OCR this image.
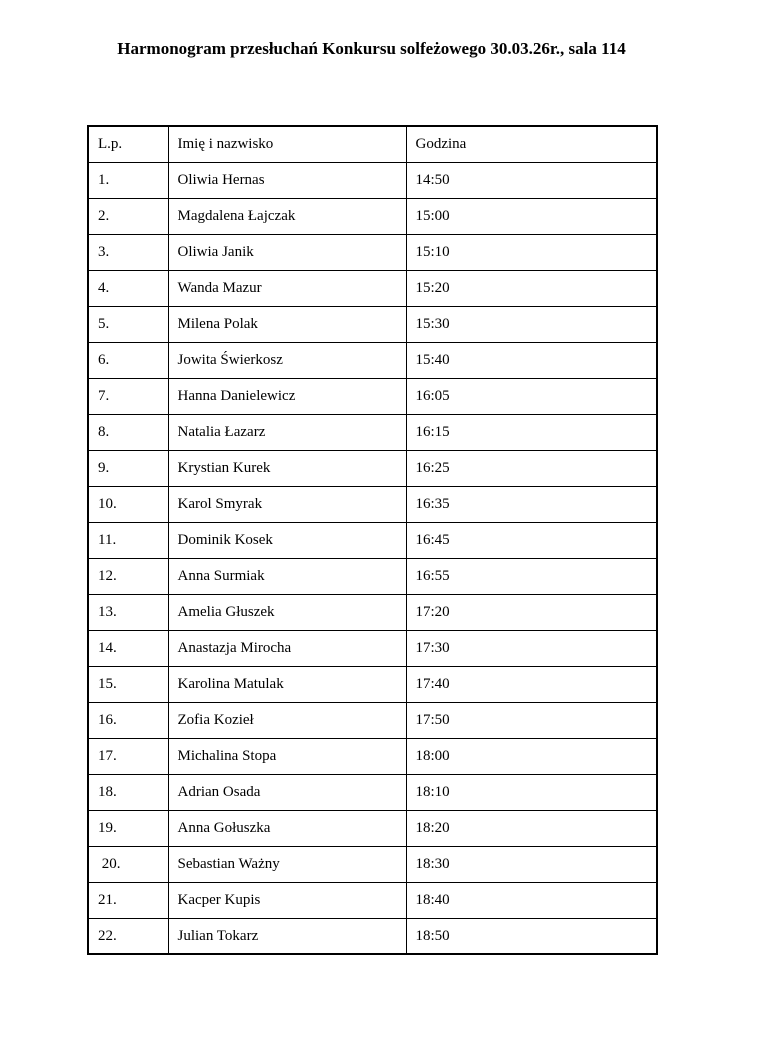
Harmonogram przesłuchań Konkursu solfeżowego 30.03.26r., sala 114
L.p.	Imię i nazwisko	Godzina
1.	Oliwia Hernas	14:50
2.	Magdalena Łajczak	15:00
3.	Oliwia Janik	15:10
4.	Wanda Mazur	15:20
5.	Milena Polak	15:30
6.	Jowita Świerkosz	15:40
7.	Hanna Danielewicz	16:05
8.	Natalia Łazarz	16:15
9.	Krystian Kurek	16:25
10.	Karol Smyrak	16:35
11.	Dominik Kosek	16:45
12.	Anna Surmiak	16:55
13.	Amelia Głuszek	17:20
14.	Anastazja Mirocha	17:30
15.	Karolina Matulak	17:40
16.	Zofia Kozieł	17:50
17.	Michalina Stopa	18:00
18.	Adrian Osada	18:10
19.	Anna Gołuszka	18:20
20.	Sebastian Ważny	18:30
21.	Kacper Kupis	18:40
22.	Julian Tokarz	18:50
